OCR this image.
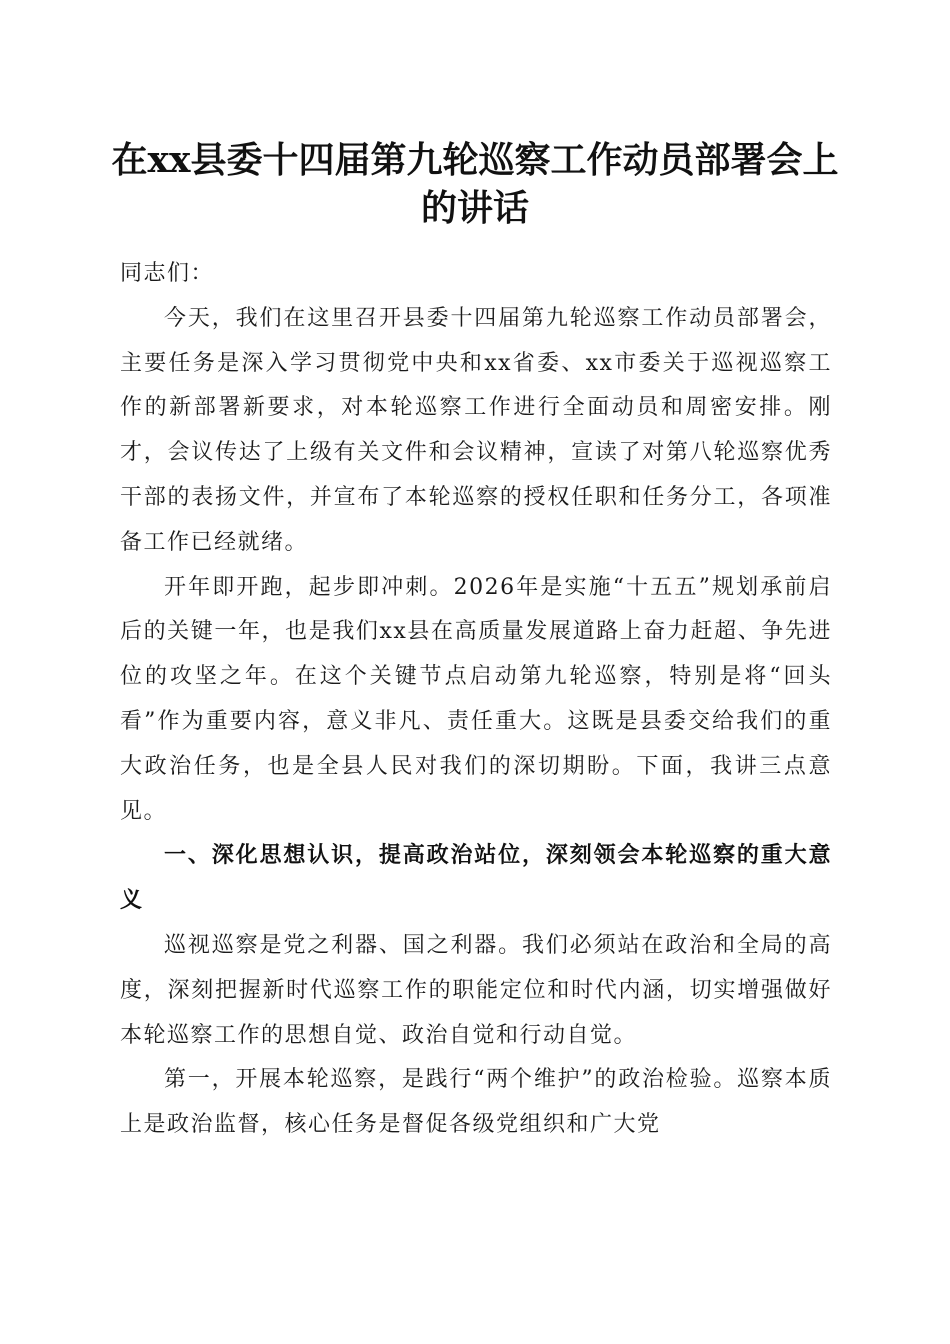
在xx县委十四届第九轮巡察工作动员部署会上的讲话

同志们：

今天，我们在这里召开县委十四届第九轮巡察工作动员部署会，主要任务是深入学习贯彻党中央和xx省委、xx市委关于巡视巡察工作的新部署新要求，对本轮巡察工作进行全面动员和周密安排。刚才，会议传达了上级有关文件和会议精神，宣读了对第八轮巡察优秀干部的表扬文件，并宣布了本轮巡察的授权任职和任务分工，各项准备工作已经就绪。

开年即开跑，起步即冲刺。2026年是实施“十五五”规划承前启后的关键一年，也是我们xx县在高质量发展道路上奋力赶超、争先进位的攻坚之年。在这个关键节点启动第九轮巡察，特别是将“回头看”作为重要内容，意义非凡、责任重大。这既是县委交给我们的重大政治任务，也是全县人民对我们的深切期盼。下面，我讲三点意见。

一、深化思想认识，提高政治站位，深刻领会本轮巡察的重大意义

巡视巡察是党之利器、国之利器。我们必须站在政治和全局的高度，深刻把握新时代巡察工作的职能定位和时代内涵，切实增强做好本轮巡察工作的思想自觉、政治自觉和行动自觉。

第一，开展本轮巡察，是践行“两个维护”的政治检验。巡察本质上是政治监督，核心任务是督促各级党组织和广大党
